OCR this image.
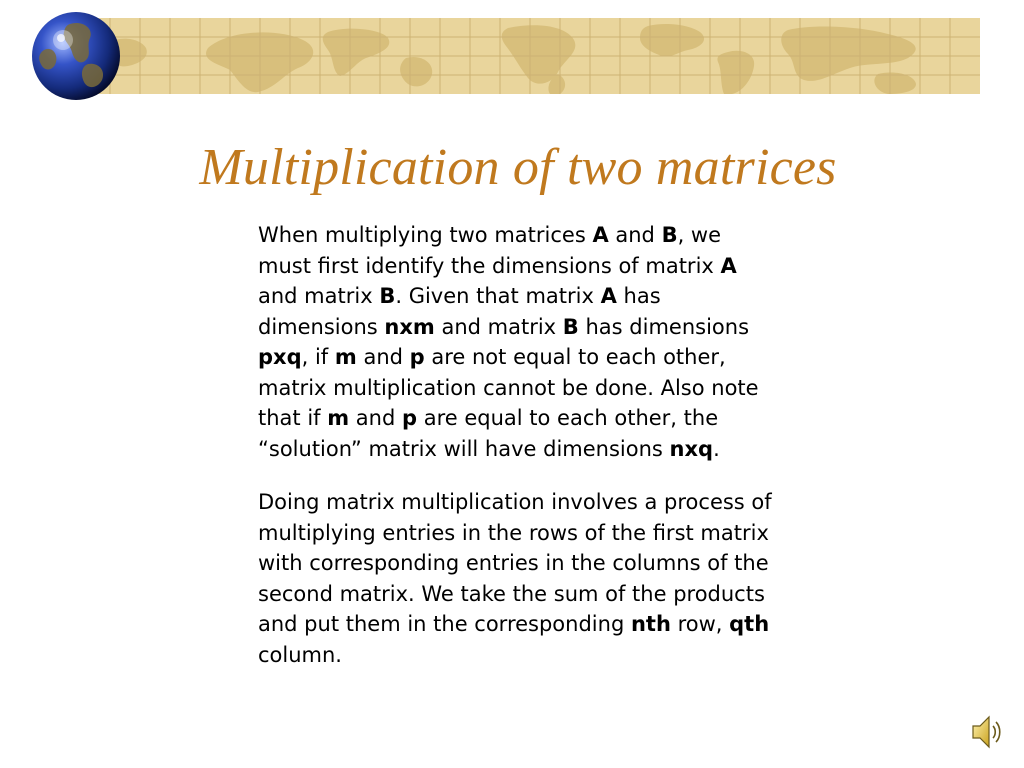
Multiplication of two matrices

When multiplying two matrices A and B, we must first identify the dimensions of matrix A and matrix B. Given that matrix A has dimensions nxm and matrix B has dimensions pxq, if m and p are not equal to each other, matrix multiplication cannot be done. Also note that if m and p are equal to each other, the “solution” matrix will have dimensions nxq.

Doing matrix multiplication involves a process of multiplying entries in the rows of the first matrix with corresponding entries in the columns of the second matrix. We take the sum of the products and put them in the corresponding nth row, qth column.
